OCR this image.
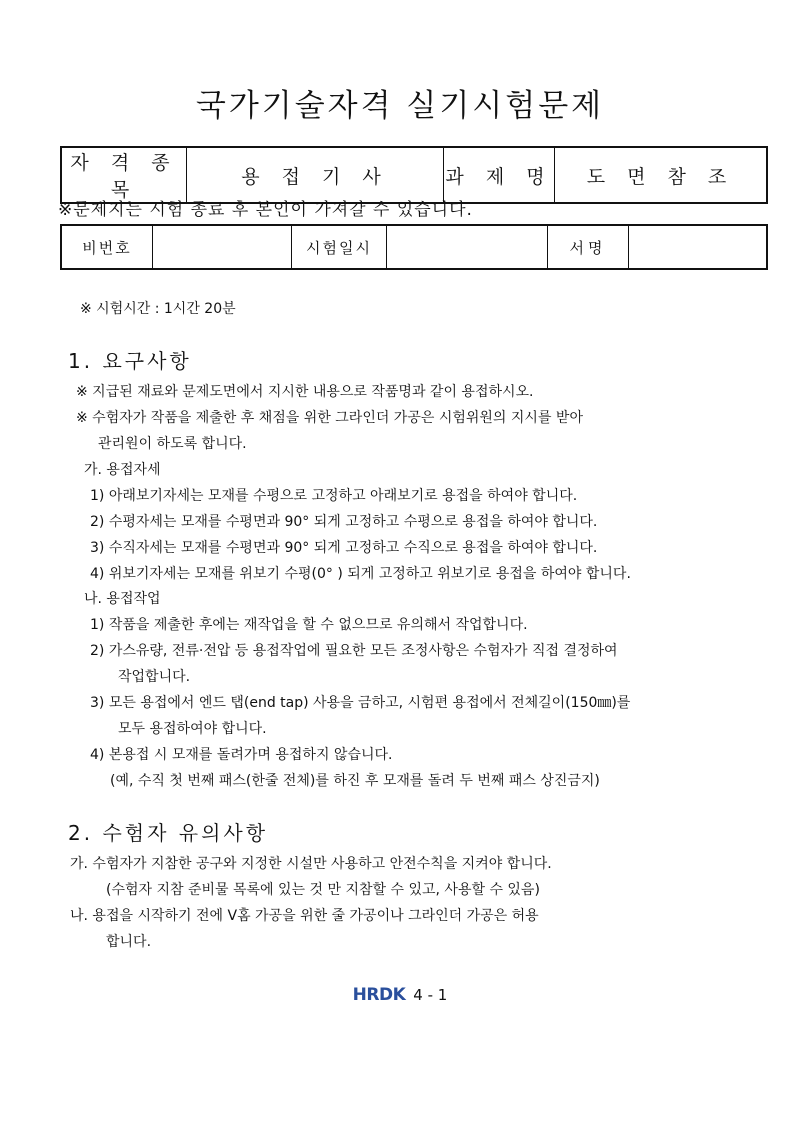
국가기술자격 실기시험문제
자 격 종 목	용 접 기 사	과 제 명	도 면 참 조
※문제지는 시험 종료 후 본인이 가져갈 수 있습니다.
비번호		시험일시		서명	
※ 시험시간 : 1시간 20분
1. 요구사항
※ 지급된 재료와 문제도면에서 지시한 내용으로 작품명과 같이 용접하시오.
※ 수험자가 작품을 제출한 후 채점을 위한 그라인더 가공은 시험위원의 지시를 받아
관리원이 하도록 합니다.
가. 용접자세
1) 아래보기자세는 모재를 수평으로 고정하고 아래보기로 용접을 하여야 합니다.
2) 수평자세는 모재를 수평면과 90° 되게 고정하고 수평으로 용접을 하여야 합니다.
3) 수직자세는 모재를 수평면과 90° 되게 고정하고 수직으로 용접을 하여야 합니다.
4) 위보기자세는 모재를 위보기 수평(0° ) 되게 고정하고 위보기로 용접을 하여야 합니다.
나. 용접작업
1) 작품을 제출한 후에는 재작업을 할 수 없으므로 유의해서 작업합니다.
2) 가스유량, 전류·전압 등 용접작업에 필요한 모든 조정사항은 수험자가 직접 결정하여
작업합니다.
3) 모든 용접에서 엔드 탭(end tap) 사용을 금하고, 시험편 용접에서 전체길이(150㎜)를
모두 용접하여야 합니다.
4) 본용접 시 모재를 돌려가며 용접하지 않습니다.
(예, 수직 첫 번째 패스(한줄 전체)를 하진 후 모재를 돌려 두 번째 패스 상진금지)
2. 수험자 유의사항
가. 수험자가 지참한 공구와 지정한 시설만 사용하고 안전수칙을 지켜야 합니다.
(수험자 지참 준비물 목록에 있는 것 만 지참할 수 있고, 사용할 수 있음)
나. 용접을 시작하기 전에 V홈 가공을 위한 줄 가공이나 그라인더 가공은 허용
합니다.
HRDK 4 - 1
